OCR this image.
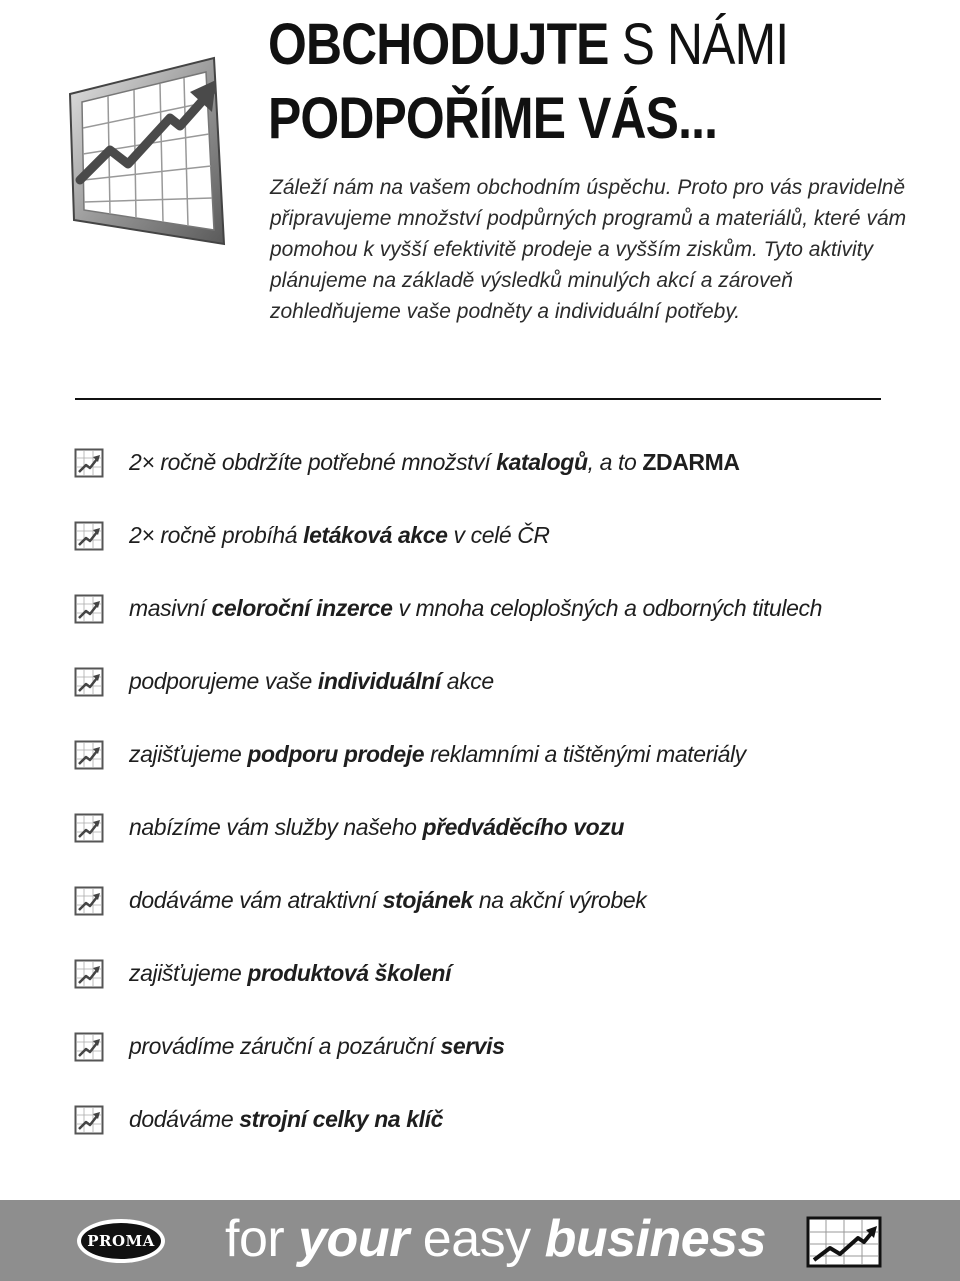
OBCHODUJTE S NÁMI
PODPOŘÍME VÁS...

Záleží nám na vašem obchodním úspěchu. Proto pro vás pravidelně připravujeme množství podpůrných programů a materiálů, které vám pomohou k vyšší efektivitě prodeje a vyšším ziskům. Tyto aktivity plánujeme na základě výsledků minulých akcí a zároveň zohledňujeme vaše podněty a individuální potřeby.

2× ročně obdržíte potřebné množství katalogů, a to ZDARMA
2× ročně probíhá letáková akce v celé ČR
masivní celoroční inzerce v mnoha celoplošných a odborných titulech
podporujeme vaše individuální akce
zajišťujeme podporu prodeje reklamními a tištěnými materiály
nabízíme vám služby našeho předváděcího vozu
dodáváme vám atraktivní stojánek na akční výrobek
zajišťujeme produktová školení
provádíme záruční a pozáruční servis
dodáváme strojní celky na klíč
PROMA for your easy business
